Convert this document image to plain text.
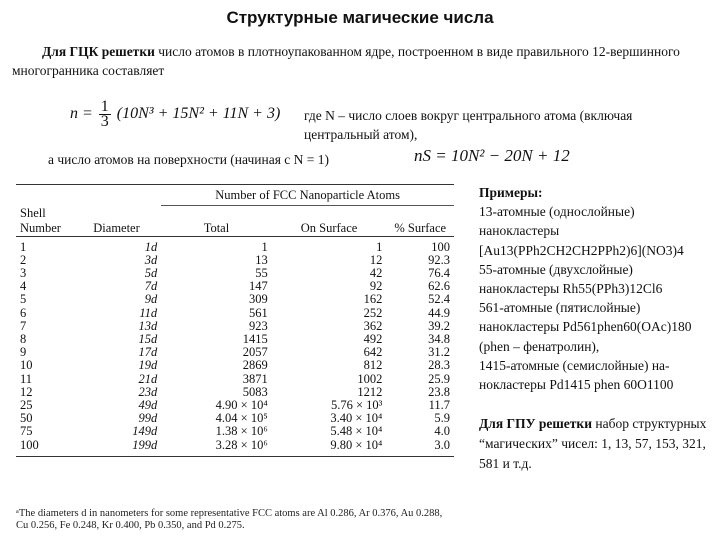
Структурные магические числа
Для ГЦК решетки число атомов в плотноупакованном ядре, построенном в виде правильного 12-вершинного многогранника составляет
$n = \frac{1}{3} (10N^3 + 15N^2 + 11N + 3)$ где N – число слоев вокруг центрального атома (включая центральный атом),
а число атомов на поверхности (начиная с N = 1)	nS = 10N² − 20N + 12
		Number of FCC Nanoparticle Atoms		
Shell Number	Diameter	Total	On Surface	% Surface
1	1d	1	1	100
2	3d	13	12	92.3
3	5d	55	42	76.4
4	7d	147	92	62.6
5	9d	309	162	52.4
6	11d	561	252	44.9
7	13d	923	362	39.2
8	15d	1415	492	34.8
9	17d	2057	642	31.2
10	19d	2869	812	28.3
11	21d	3871	1002	25.9
12	23d	5083	1212	23.8
25	49d	4.90 × 10⁴	5.76 × 10³	11.7
50	99d	4.04 × 10⁵	3.40 × 10⁴	5.9
75	149d	1.38 × 10⁶	5.48 × 10⁴	4.0
100	199d	3.28 × 10⁶	9.80 × 10⁴	3.0
ᵃThe diameters d in nanometers for some representative FCC atoms are Al 0.286, Ar 0.376, Au 0.288, Cu 0.256, Fe 0.248, Kr 0.400, Pb 0.350, and Pd 0.275.
Примеры:
13-атомные (однослойные)
нанокластеры
[Au13(PPh2CH2CH2PPh2)6](NO3)4
55-атомные (двухслойные)
нанокластеры Rh55(PPh3)12Cl6
561-атомные (пятислойные)
нанокластеры Pd561phen60(OAc)180
(phen – фенатролин),
1415-атомные (семислойные) на-
нокластеры Pd1415 phen 60O1100
Для ГПУ решетки набор структурных “магических” чисел: 1, 13, 57, 153, 321, 581 и т.д.
